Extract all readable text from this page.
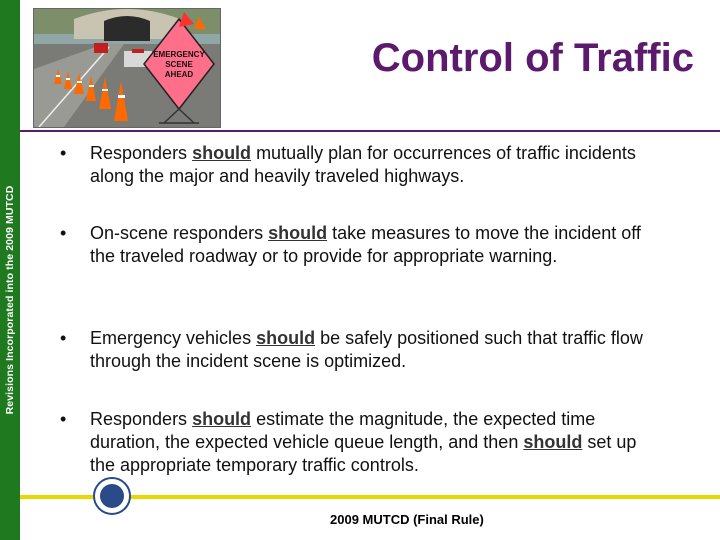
Revisions Incorporated into the 2009 MUTCD
EMERGENCY
SCENE
AHEAD	Control of Traffic
• Responders should mutually plan for occurrences of traffic incidents along the major and heavily traveled highways.
• On-scene responders should take measures to move the incident off the traveled roadway or to provide for appropriate warning.
• Emergency vehicles should be safely positioned such that traffic flow through the incident scene is optimized.
• Responders should estimate the magnitude, the expected time duration, the expected vehicle queue length, and then should set up the appropriate temporary traffic controls.
2009 MUTCD (Final Rule)
